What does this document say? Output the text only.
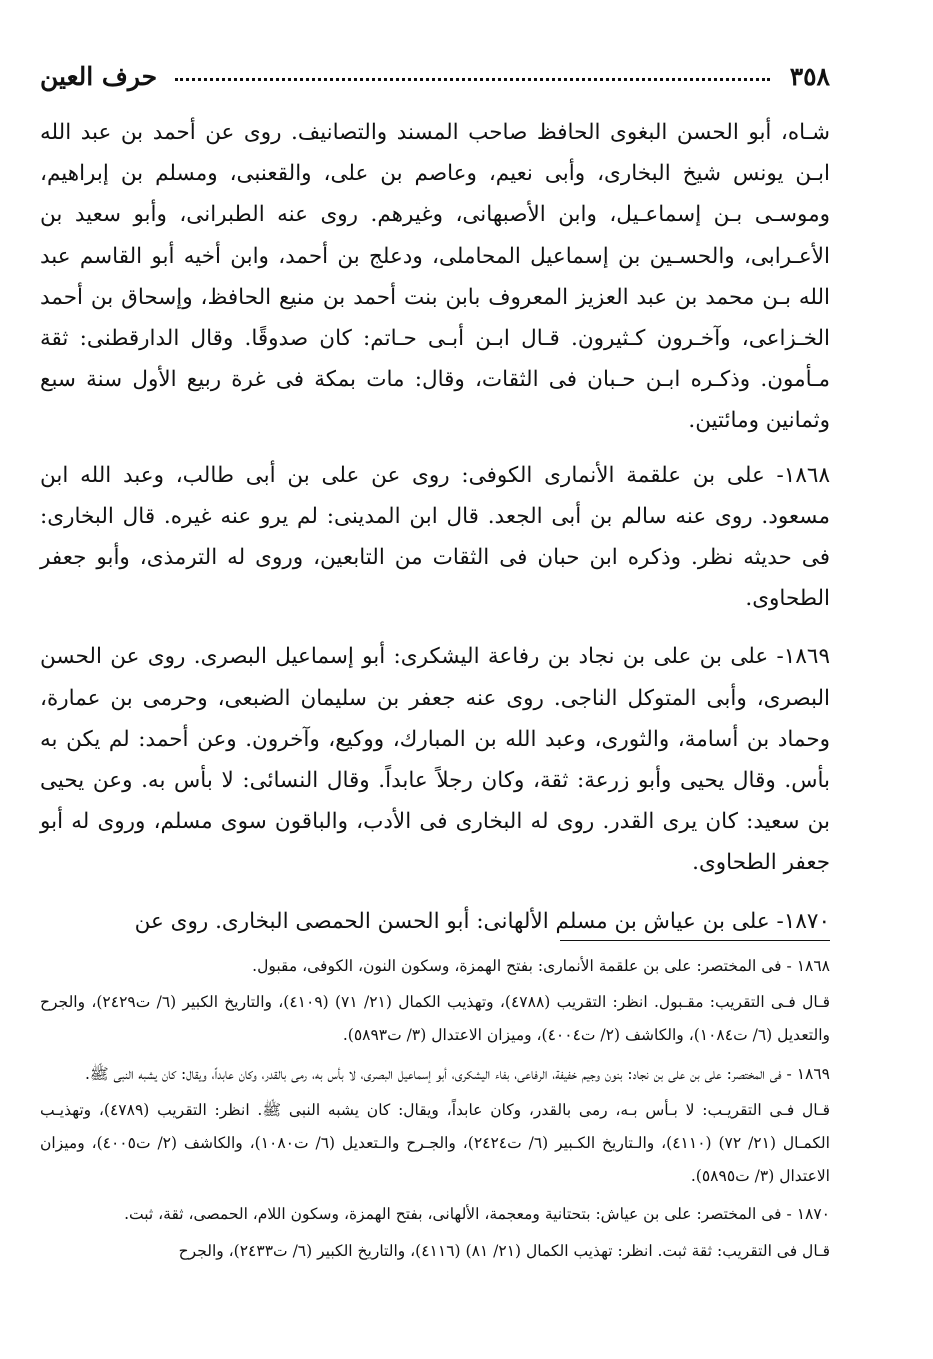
٣٥٨
حرف العين

شـاه، أبو الحسن البغوى الحافظ صاحب المسند والتصانيف. روى عن أحمد بن عبد الله ابـن يونس شيخ البخارى، وأبى نعيم، وعاصم بن على، والقعنبى، ومسلم بن إبراهيم، وموسـى بـن إسماعـيل، وابن الأصبهانى، وغيرهم. روى عنه الطبرانى، وأبو سعيد بن الأعـرابى، والحسـين بن إسماعيل المحاملى، ودعلج بن أحمد، وابن أخيه أبو القاسم عبد الله بـن محمد بن عبد العزيز المعروف بابن بنت أحمد بن منيع الحافظ، وإسحاق بن أحمد الخـزاعى، وآخـرون كـثيرون. قـال ابـن أبـى حـاتم: كان صدوقًا. وقال الدارقطنى: ثقة مـأمون. وذكـره ابـن حـبان فى الثقات، وقال: مات بمكة فى غرة ربيع الأول سنة سبع وثمانين ومائتين.

١٨٦٨- على بن علقمة الأنمارى الكوفى: روى عن على بن أبى طالب، وعبد الله ابن مسعود. روى عنه سالم بن أبى الجعد. قال ابن المدينى: لم يرو عنه غيره. قال البخارى: فى حديثه نظر. وذكره ابن حبان فى الثقات من التابعين، وروى له الترمذى، وأبو جعفر الطحاوى.

١٨٦٩- على بن على بن نجاد بن رفاعة اليشكرى: أبو إسماعيل البصرى. روى عن الحسن البصرى، وأبى المتوكل الناجى. روى عنه جعفر بن سليمان الضبعى، وحرمى بن عمارة، وحماد بن أسامة، والثورى، وعبد الله بن المبارك، ووكيع، وآخرون. وعن أحمد: لم يكن به بأس. وقال يحيى وأبو زرعة: ثقة، وكان رجلاً عابداً. وقال النسائى: لا بأس به. وعن يحيى بن سعيد: كان يرى القدر. روى له البخارى فى الأدب، والباقون سوى مسلم، وروى له أبو جعفر الطحاوى.

١٨٧٠- على بن عياش بن مسلم الألهانى: أبو الحسن الحمصى البخارى. روى عن

١٨٦٨ - فى المختصر: على بن علقمة الأنمارى: بفتح الهمزة، وسكون النون، الكوفى، مقبول.

قـال فـى التقريب: مقـبول. انظر: التقريب (٤٧٨٨)، وتهذيب الكمال (٢١/ ٧١) (٤١٠٩)، والتاريخ الكبير (٦/ ت٢٤٢٩)، والجرح والتعديل (٦/ ت١٠٨٤)، والكاشف (٢/ ت٤٠٠٤)، وميزان الاعتدال (٣/ ت٥٨٩٣).

١٨٦٩ - فى المختصر: على بن على بن نجاد: بنون وجيم خفيفة، الرفاعى، بفاء اليشكرى، أبو إسماعيل البصرى، لا بأس به، رمى بالقدر، وكان عابداً، ويقال: كان يشبه النبى ﷺ.

قـال فـى التقريـب: لا بـأس بـه، رمى بالقدر، وكان عابداً، ويقال: كان يشبه النبى ﷺ. انظر: التقريب (٤٧٨٩)، وتهذيـب الكمـال (٢١/ ٧٢) (٤١١٠)، والـتاريخ الكـبير (٦/ ت٢٤٢٤)، والجـرح والـتعديل (٦/ ت١٠٨٠)، والكاشف (٢/ ت٤٠٠٥)، وميزان الاعتدال (٣/ ت٥٨٩٥).

١٨٧٠ - فى المختصر: على بن عياش: بتحتانية ومعجمة، الألهانى، بفتح الهمزة، وسكون اللام، الحمصى، ثقة، ثبت.

قـال فى التقريب: ثقة ثبت. انظر: تهذيب الكمال (٢١/ ٨١) (٤١١٦)، والتاريخ الكبير (٦/ ت٢٤٣٣)، والجرح
